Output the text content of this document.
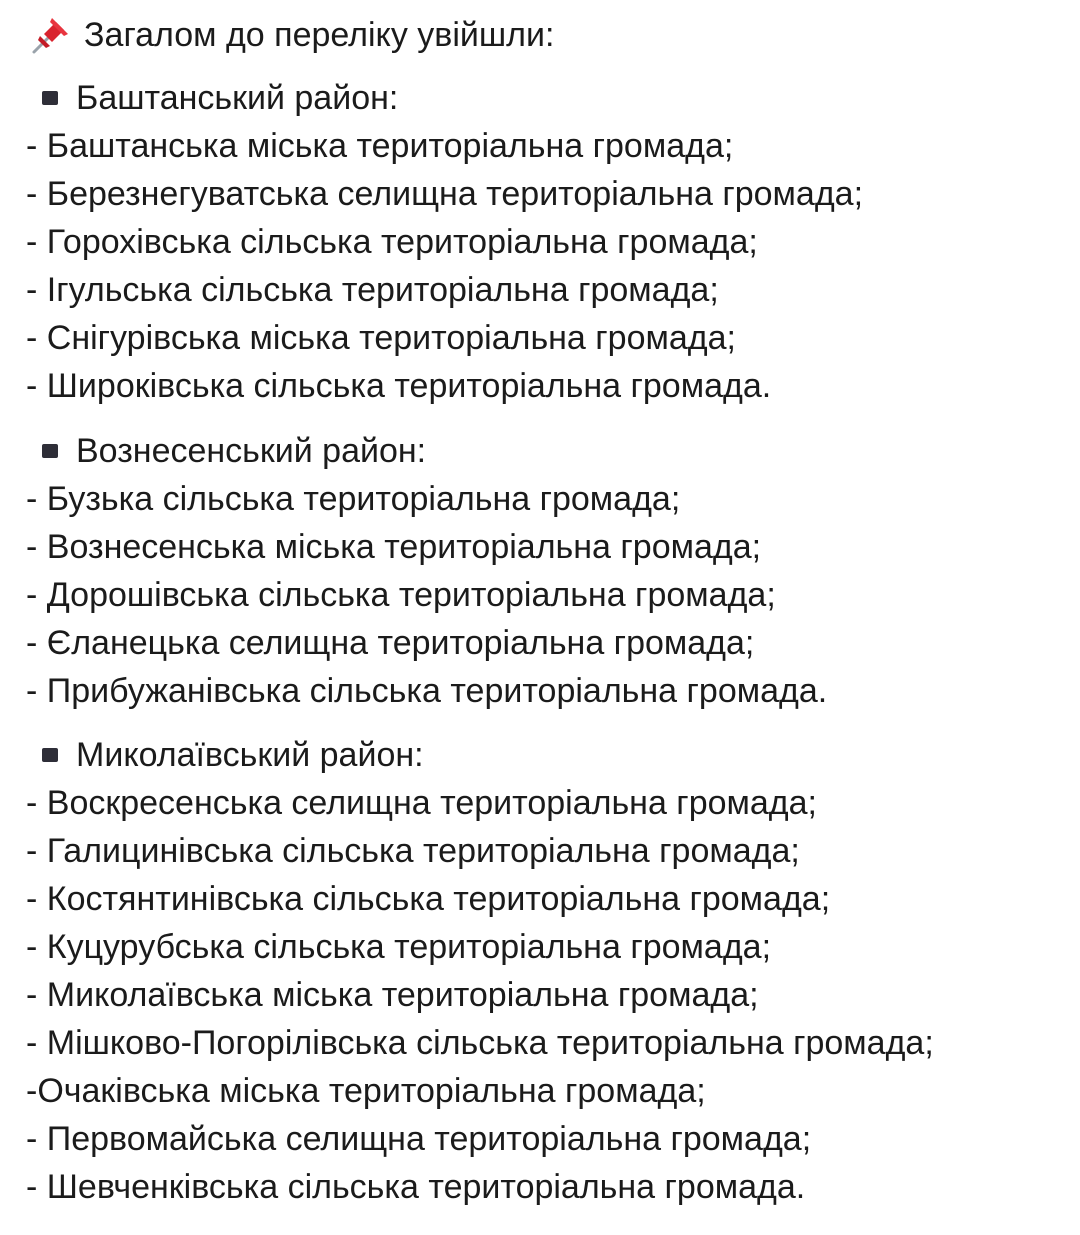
Загалом до переліку увійшли:
Баштанський район:
- Баштанська міська територіальна громада;
- Березнегуватська селищна територіальна громада;
- Горохівська сільська територіальна громада;
- Ігульська сільська територіальна громада;
- Снігурівська міська територіальна громада;
- Широківська сільська територіальна громада.
Вознесенський район:
- Бузька сільська територіальна громада;
- Вознесенська міська територіальна громада;
- Дорошівська сільська територіальна громада;
- Єланецька селищна територіальна громада;
- Прибужанівська сільська територіальна громада.
Миколаївський район:
- Воскресенська селищна територіальна громада;
- Галицинівська сільська територіальна громада;
- Костянтинівська сільська територіальна громада;
- Куцурубська сільська територіальна громада;
- Миколаївська міська територіальна громада;
- Мішково-Погорілівська сільська територіальна громада;
-Очаківська міська територіальна громада;
- Первомайська селищна територіальна громада;
- Шевченківська сільська територіальна громада.
